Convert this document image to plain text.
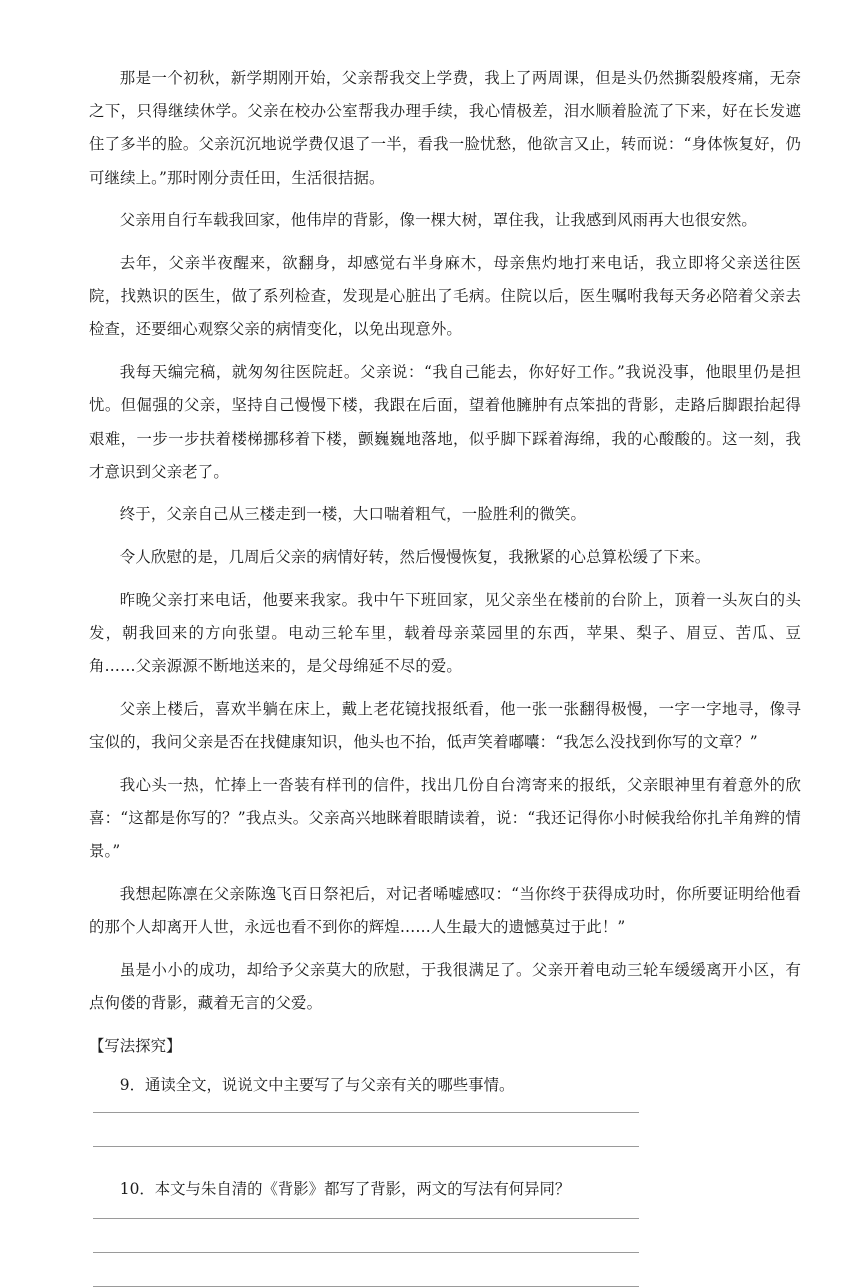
那是一个初秋，新学期刚开始，父亲帮我交上学费，我上了两周课，但是头仍然撕裂般疼痛，无奈之下，只得继续休学。父亲在校办公室帮我办理手续，我心情极差，泪水顺着脸流了下来，好在长发遮住了多半的脸。父亲沉沉地说学费仅退了一半，看我一脸忧愁，他欲言又止，转而说：“身体恢复好，仍可继续上。”那时刚分责任田，生活很拮据。

父亲用自行车载我回家，他伟岸的背影，像一棵大树，罩住我，让我感到风雨再大也很安然。

去年，父亲半夜醒来，欲翻身，却感觉右半身麻木，母亲焦灼地打来电话，我立即将父亲送往医院，找熟识的医生，做了系列检查，发现是心脏出了毛病。住院以后，医生嘱咐我每天务必陪着父亲去检查，还要细心观察父亲的病情变化，以免出现意外。

我每天编完稿，就匆匆往医院赶。父亲说：“我自己能去，你好好工作。”我说没事，他眼里仍是担忧。但倔强的父亲，坚持自己慢慢下楼，我跟在后面，望着他臃肿有点笨拙的背影，走路后脚跟抬起得艰难，一步一步扶着楼梯挪移着下楼，颤巍巍地落地，似乎脚下踩着海绵，我的心酸酸的。这一刻，我才意识到父亲老了。

终于，父亲自己从三楼走到一楼，大口喘着粗气，一脸胜利的微笑。

令人欣慰的是，几周后父亲的病情好转，然后慢慢恢复，我揪紧的心总算松缓了下来。

昨晚父亲打来电话，他要来我家。我中午下班回家，见父亲坐在楼前的台阶上，顶着一头灰白的头发，朝我回来的方向张望。电动三轮车里，载着母亲菜园里的东西，苹果、梨子、眉豆、苦瓜、豆角……父亲源源不断地送来的，是父母绵延不尽的爱。

父亲上楼后，喜欢半躺在床上，戴上老花镜找报纸看，他一张一张翻得极慢，一字一字地寻，像寻宝似的，我问父亲是否在找健康知识，他头也不抬，低声笑着嘟囔：“我怎么没找到你写的文章？”

我心头一热，忙捧上一沓装有样刊的信件，找出几份自台湾寄来的报纸，父亲眼神里有着意外的欣喜：“这都是你写的？”我点头。父亲高兴地眯着眼睛读着，说：“我还记得你小时候我给你扎羊角辫的情景。”

我想起陈凛在父亲陈逸飞百日祭祀后，对记者唏嘘感叹：“当你终于获得成功时，你所要证明给他看的那个人却离开人世，永远也看不到你的辉煌……人生最大的遗憾莫过于此！”

虽是小小的成功，却给予父亲莫大的欣慰，于我很满足了。父亲开着电动三轮车缓缓离开小区，有点佝偻的背影，藏着无言的父爱。

【写法探究】

9．通读全文，说说文中主要写了与父亲有关的哪些事情。

10．本文与朱自清的《背影》都写了背影，两文的写法有何异同？
